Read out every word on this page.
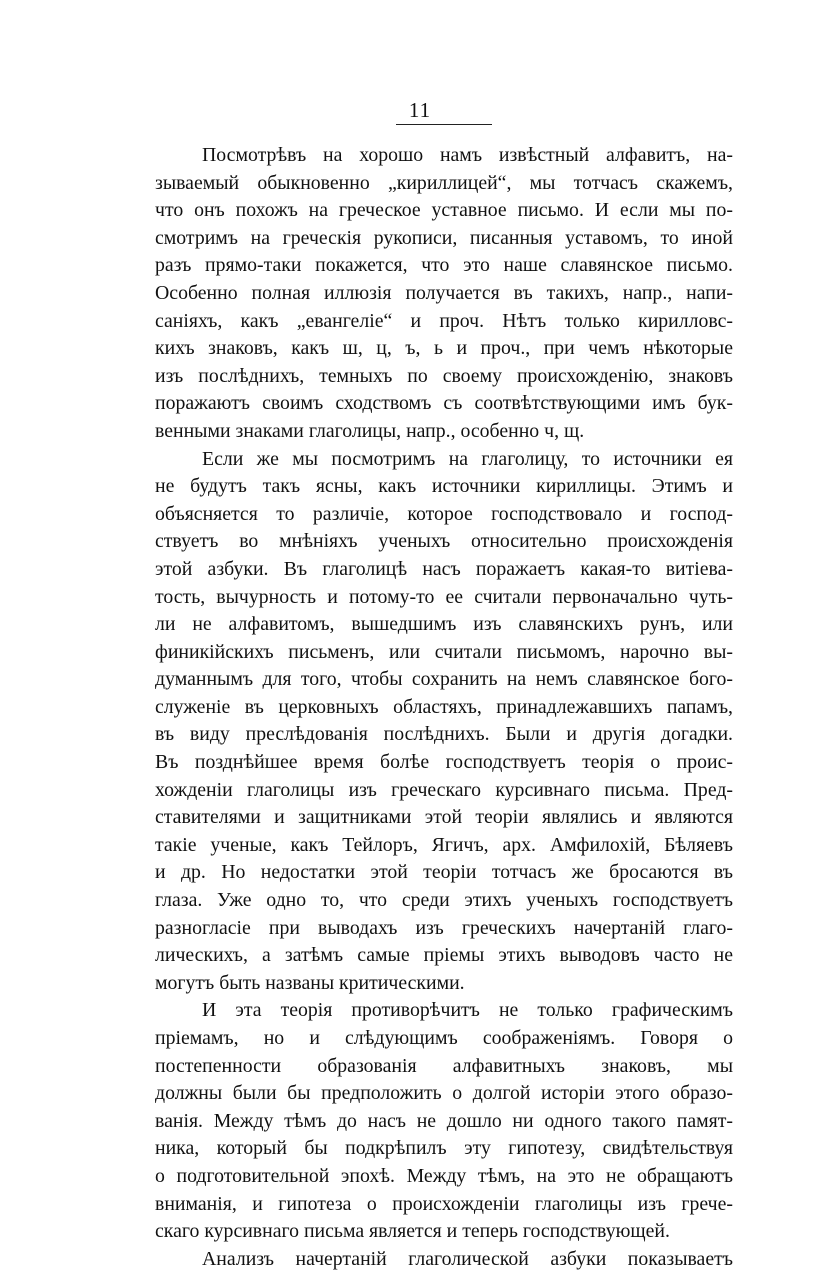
11
Посмотрѣвъ на хорошо намъ извѣстный алфавитъ, на-
зываемый обыкновенно „кириллицей“, мы тотчасъ скажемъ,
что онъ похожъ на греческое уставное письмо. И если мы по-
смотримъ на греческія рукописи, писанныя уставомъ, то иной
разъ прямо-таки покажется, что это наше славянское письмо.
Особенно полная иллюзія получается въ такихъ, напр., напи-
саніяхъ, какъ „евангеліе“ и проч. Нѣтъ только кирилловс-
кихъ знаковъ, какъ ш, ц, ъ, ь и проч., при чемъ нѣкоторые
изъ послѣднихъ, темныхъ по своему происхожденію, знаковъ
поражаютъ своимъ сходствомъ съ соотвѣтствующими имъ бук-
венными знаками глаголицы, напр., особенно ч, щ.
Если же мы посмотримъ на глаголицу, то источники ея
не будутъ такъ ясны, какъ источники кириллицы. Этимъ и
объясняется то различіе, которое господствовало и господ-
ствуетъ во мнѣніяхъ ученыхъ относительно происхожденія
этой азбуки. Въ глаголицѣ насъ поражаетъ какая-то витіева-
тость, вычурность и потому-то ее считали первоначально чуть-
ли не алфавитомъ, вышедшимъ изъ славянскихъ рунъ, или
финикійскихъ письменъ, или считали письмомъ, нарочно вы-
думаннымъ для того, чтобы сохранить на немъ славянское бого-
служеніе въ церковныхъ областяхъ, принадлежавшихъ папамъ,
въ виду преслѣдованія послѣднихъ. Были и другія догадки.
Въ позднѣйшее время болѣе господствуетъ теорія о проис-
хожденіи глаголицы изъ греческаго курсивнаго письма. Пред-
ставителями и защитниками этой теоріи являлись и являются
такіе ученые, какъ Тейлоръ, Ягичъ, арх. Амфилохій, Бѣляевъ
и др. Но недостатки этой теоріи тотчасъ же бросаются въ
глаза. Уже одно то, что среди этихъ ученыхъ господствуетъ
разногласіе при выводахъ изъ греческихъ начертаній глаго-
лическихъ, а затѣмъ самые пріемы этихъ выводовъ часто не
могутъ быть названы критическими.
И эта теорія противорѣчитъ не только графическимъ
пріемамъ, но и слѣдующимъ соображеніямъ. Говоря о
постепенности образованія алфавитныхъ знаковъ, мы
должны были бы предположить о долгой исторіи этого образо-
ванія. Между тѣмъ до насъ не дошло ни одного такого памят-
ника, который бы подкрѣпилъ эту гипотезу, свидѣтельствуя
о подготовительной эпохѣ. Между тѣмъ, на это не обращаютъ
вниманія, и гипотеза о происхожденіи глаголицы изъ грече-
скаго курсивнаго письма является и теперь господствующей.
Анализъ начертаній глаголической азбуки показываетъ
